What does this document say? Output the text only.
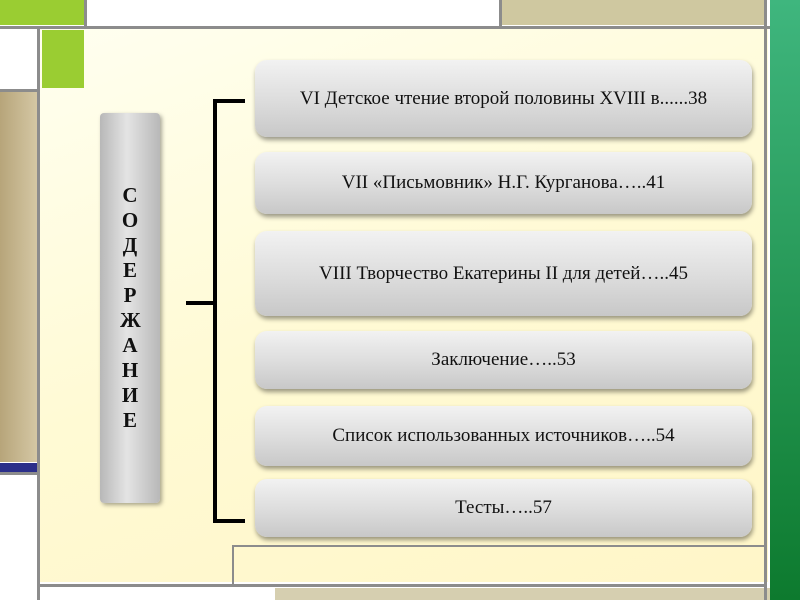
СОДЕРЖАНИЕ
VI Детское чтение второй половины XVIII в......38
VII «Письмовник» Н.Г. Курганова…..41
VIII Творчество Екатерины II для детей…..45
Заключение…..53
Список использованных источников…..54
Тесты…..57
